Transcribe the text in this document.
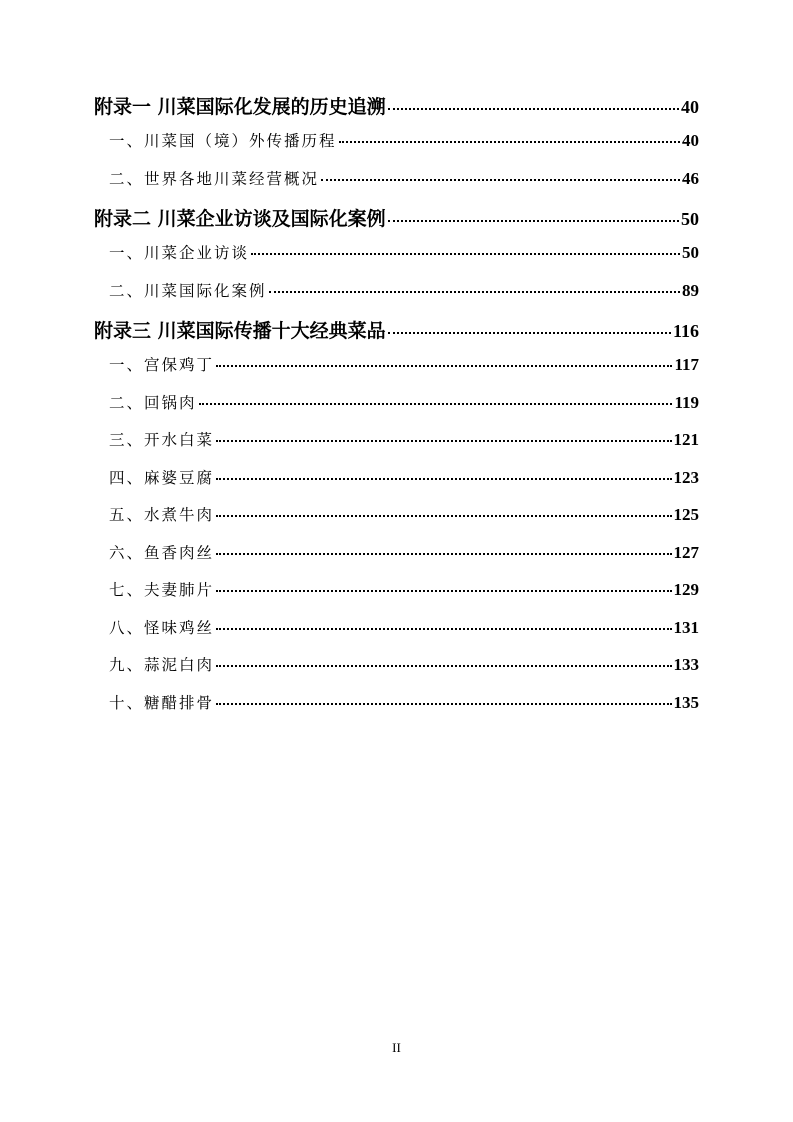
附录一 川菜国际化发展的历史追溯	40
一、川菜国（境）外传播历程	40
二、世界各地川菜经营概况	46
附录二 川菜企业访谈及国际化案例	50
一、川菜企业访谈	50
二、川菜国际化案例	89
附录三 川菜国际传播十大经典菜品	116
一、宫保鸡丁	117
二、回锅肉	119
三、开水白菜	121
四、麻婆豆腐	123
五、水煮牛肉	125
六、鱼香肉丝	127
七、夫妻肺片	129
八、怪味鸡丝	131
九、蒜泥白肉	133
十、糖醋排骨	135
II
